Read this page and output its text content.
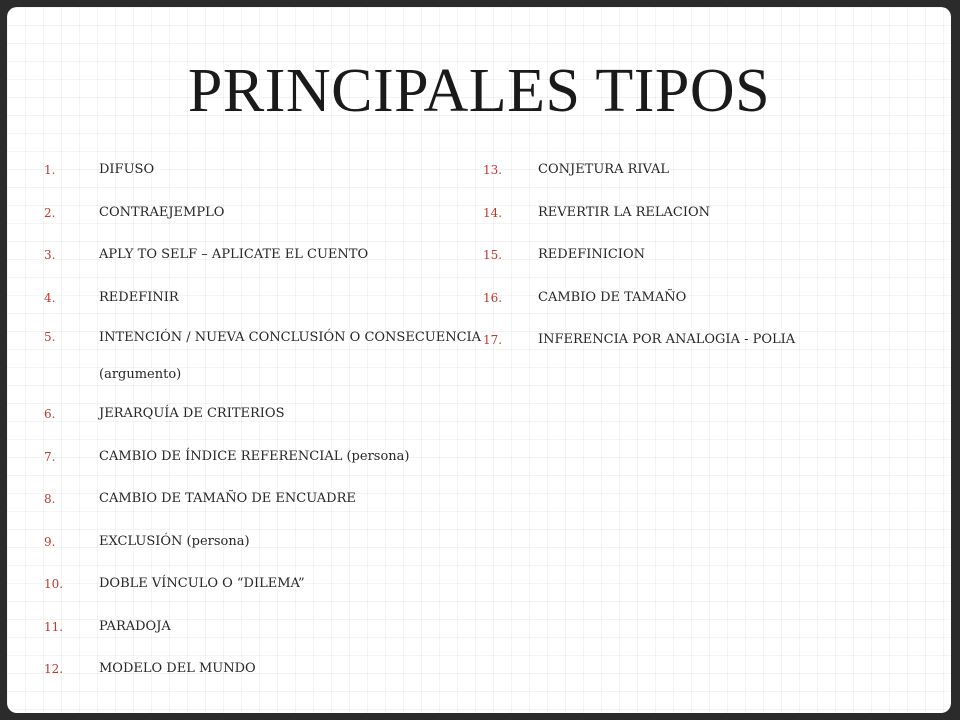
PRINCIPALES TIPOS
1.	DIFUSO
2.	CONTRAEJEMPLO
3.	APLY TO SELF – APLICATE EL CUENTO
4.	REDEFINIR
5.	INTENCIÓN / NUEVA CONCLUSIÓN O CONSECUENCIA (argumento)
6.	JERARQUÍA DE CRITERIOS
7.	CAMBIO DE ÍNDICE REFERENCIAL (persona)
8.	CAMBIO DE TAMAÑO DE ENCUADRE
9.	EXCLUSIÓN (persona)
10.	DOBLE VÍNCULO O “DILEMA”
11.	PARADOJA
12.	MODELO DEL MUNDO
13.	CONJETURA RIVAL
14.	REVERTIR LA RELACION
15.	REDEFINICION
16.	CAMBIO DE TAMAÑO
17.	INFERENCIA POR ANALOGIA - POLIA
